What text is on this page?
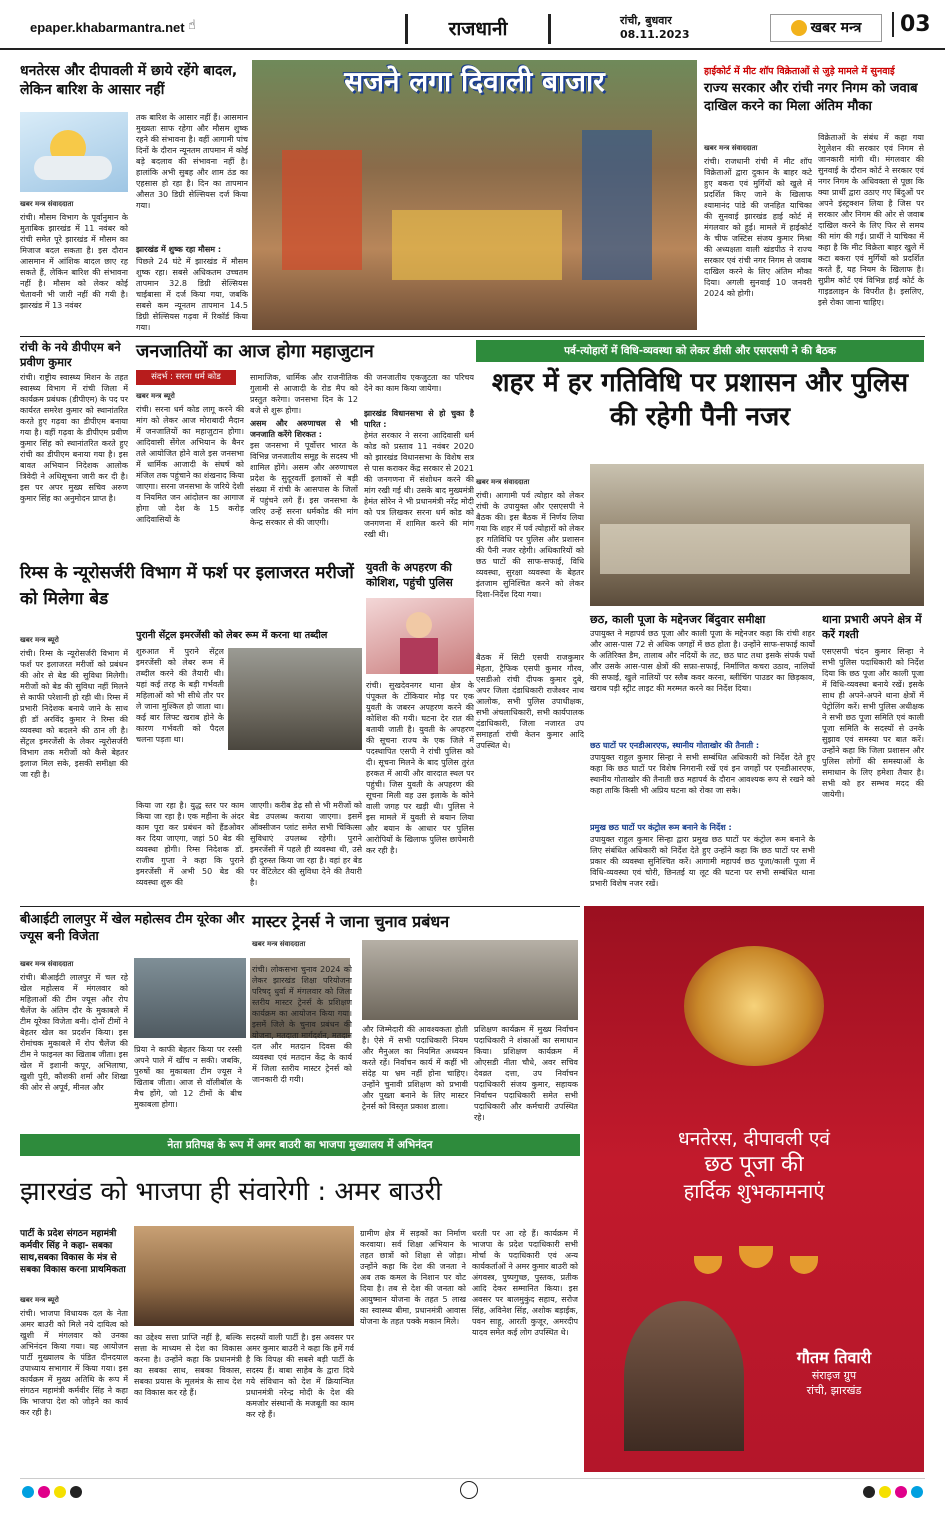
epaper.khabarmantra.net ☝	राजधानी	रांची, बुधवार
08.11.2023	खबर मन्त्र	03
धनतेरस और दीपावली में छाये रहेंगे बादल, लेकिन बारिश के आसार नहीं
खबर मन्त्र संवाददाता
रांची। मौसम विभाग के पूर्वानुमान के मुताबिक झारखंड में 11 नवंबर को रांची समेत पूरे झारखंड में मौसम का मिजाज बदल सकता है। इस दौरान आसमान में आंशिक बादल छाए रह सकते हैं, लेकिन बारिश की संभावना नहीं है। मौसम को लेकर कोई चेतावनी भी जारी नहीं की गयी है। झारखंड में 13 नवंबर
तक बारिश के आसार नहीं हैं। आसमान मुख्यतः साफ रहेगा और मौसम शुष्क रहने की संभावना है। वहीं आगामी पांच दिनों के दौरान न्यूनतम तापमान में कोई बड़े बदलाव की संभावना नहीं है। हालांकि अभी सुबह और शाम ठंड का एहसास हो रहा है। दिन का तापमान औसत 30 डिग्री सेल्सियस दर्ज किया गया।
झारखंड में शुष्क रहा मौसम :
पिछले 24 घंटे में झारखंड में मौसम शुष्क रहा। सबसे अधिकतम उच्चतम तापमान 32.8 डिग्री सेल्सियस चाईबासा में दर्ज किया गया, जबकि सबसे कम न्यूनतम तापमान 14.5 डिग्री सेल्सियस गढ़वा में रिकॉर्ड किया गया।
सजने लगा दिवाली बाजार	हाईकोर्ट में मीट शॉप विक्रेताओं से जुड़े मामले में सुनवाई
राज्य सरकार और रांची नगर निगम को जवाब दाखिल करने का मिला अंतिम मौका
खबर मन्त्र संवाददाता
रांची। राजधानी रांची में मीट शॉप विक्रेताओं द्वारा दुकान के बाहर कटे हुए बकरा एवं मुर्गियों को खुले में प्रदर्शित किए जाने के खिलाफ श्यामानंद पांडे की जनहित याचिका की सुनवाई झारखंड हाई कोर्ट में मंगलवार को हुई। मामले में हाईकोर्ट के चीफ जस्टिस संजय कुमार मिश्रा की अध्यक्षता वाली खंडपीठ ने राज्य सरकार एवं रांची नगर निगम से जवाब दाखिल करने के लिए अंतिम मौका दिया। अगली सुनवाई 10 जनवरी 2024 को होगी।
विक्रेताओं के संबंध में कहा गया रेगुलेशन की सरकार एवं निगम से जानकारी मांगी थी। मंगलवार की सुनवाई के दौरान कोर्ट ने सरकार एवं नगर निगम के अधिवक्ता से पूछा कि क्या प्रार्थी द्वारा उठाए गए बिंदुओं पर अपने इंस्ट्रक्शन लिया है जिस पर सरकार और निगम की ओर से जवाब दाखिल करने के लिए फिर से समय की मांग की गई। प्रार्थी ने याचिका में कहा है कि मीट विक्रेता बाहर खुले में कटा बकरा एवं मुर्गियों को प्रदर्शित करते हैं, यह नियम के खिलाफ है। सुप्रीम कोर्ट एवं विभिन्न हाई कोर्ट के गाइडलाइन के विपरीत है। इसलिए, इसे रोका जाना चाहिए।
रांची के नये डीपीएम बने प्रवीण कुमार
रांची। राष्ट्रीय स्वास्थ्य मिशन के तहत स्वास्थ्य विभाग में रांची जिला में कार्यक्रम प्रबंधक (डीपीएम) के पद पर कार्यरत समरेश कुमार को स्थानांतरित करते हुए गढ़वा का डीपीएम बनाया गया है। वहीं गढ़वा के डीपीएम प्रवीण कुमार सिंह को स्थानांतरित करते हुए रांची का डीपीएम बनाया गया है। इस बावत अभियान निदेशक आलोक त्रिवेदी ने अधिसूचना जारी कर दी है। इस पर अपर मुख्य सचिव अरुण कुमार सिंह का अनुमोदन प्राप्त है।
जनजातियों का आज होगा महाजुटान
संदर्भ : सरना धर्म कोड
खबर मन्त्र ब्यूरो
रांची। सरना धर्म कोड लागू करने की मांग को लेकर आज मोराबादी मैदान में जनजातियों का महाजुटान होगा। आदिवासी सेंगेल अभियान के बैनर तले आयोजित होने वाले इस जनसभा में धार्मिक आजादी के संघर्ष को मंजिल तक पहुंचाने का शंखनाद किया जाएगा। सरना जनसभा के जरिये देशी व नियमित जन आंदोलन का आगाज होगा जो देश के 15 करोड़ आदिवासियों के
सामाजिक, धार्मिक और राजनीतिक गुलामी से आजादी के रोड मैप को प्रस्तुत करेगा। जनसभा दिन के 12 बजे से शुरू होगा।
असम और अरुणाचल से भी जनजाति करेंगे शिरकत :
इस जनसभा में पूर्वोत्तर भारत के विभिन्न जनजातीय समूह के सदस्य भी शामिल होंगे। असम और अरुणाचल प्रदेश के सुदूरवर्ती इलाकों से बड़ी संख्या में रांची के आसपास के जिलों में पहुंचने लगे हैं। इस जनसभा के जरिए उन्हें सरना धर्मकोड की मांग केन्द्र सरकार से की जाएगी।
की जनजातीय एकजुटता का परिचय देने का काम किया जायेगा।
झारखंड विधानसभा से हो चुका है पारित :
हेमंत सरकार ने सरना आदिवासी धर्म कोड को प्रस्ताव 11 नवंबर 2020 को झारखंड विधानसभा के विशेष सत्र से पास कराकर केंद्र सरकार से 2021 की जनगणना में संशोधन करने की मांग रखी गई थी। उसके बाद मुख्यमंत्री हेमंत सोरेन ने भी प्रधानमंत्री नरेंद्र मोदी को पत्र लिखकर सरना धर्म कोड को जनगणना में शामिल करने की मांग रखी थी।
पर्व-त्योहारों में विधि-व्यवस्था को लेकर डीसी और एसएसपी ने की बैठक
शहर में हर गतिविधि पर प्रशासन और पुलिस की रहेगी पैनी नजर
खबर मन्त्र संवाददाता
रांची। आगामी पर्व त्योहार को लेकर रांची के उपायुक्त और एसएसपी ने बैठक की। इस बैठक में निर्णय लिया गया कि शहर में पर्व त्योहारों को लेकर हर गतिविधि पर पुलिस और प्रशासन की पैनी नजर रहेगी। अधिकारियों को छठ घाटों की साफ-सफाई, विधि व्यवस्था, सुरक्षा व्यवस्था के बेहतर इंतजाम सुनिश्चित करने को लेकर दिशा-निर्देश दिया गया।
बैठक में सिटी एसपी राजकुमार मेहता, ट्रैफिक एसपी कुमार गौरव, एसडीओ रांची दीपक कुमार दुबे, अपर जिला दंडाधिकारी राजेश्वर नाथ आलोक, सभी पुलिस उपाधीक्षक, सभी अंचलाधिकारी, सभी कार्यपालक दंडाधिकारी, जिला नजारत उप समाहर्ता रांची केतन कुमार आदि उपस्थित थे।
छठ, काली पूजा के मद्देनजर बिंदुवार समीक्षा
उपायुक्त ने महापर्व छठ पूजा और काली पूजा के मद्देनजर कहा कि रांची शहर और आस-पास 72 से अधिक जगहों में छठ होता है। उन्होंने साफ-सफाई कार्यों के अतिरिक्त डैम, तालाब और नदियों के तट, छठ घाट तथा इसके संपर्क पथों और उसके आस-पास क्षेत्रों की सफ़ा-सफाई, निर्माणित कचरा उठाव, नालियों की सफाई, खुले नालियों पर स्लैब कवर करना, ब्लीचिंग पाउडर का छिड़काव, खराब पड़ी स्ट्रीट लाइट की मरम्मत करने का निर्देश दिया।
छठ घाटों पर एनडीआरएफ, स्थानीय गोताखोर की तैनाती :
उपायुक्त राहुल कुमार सिन्हा ने सभी सम्बंधित अधिकारी को निर्देश देते हुए कहा कि छठ घाटों पर विशेष निगरानी रखें एवं इन जगहों पर एनडीआरएफ, स्थानीय गोताखोर की तैनाती छठ महापर्व के दौरान आवश्यक रूप से रखने को कहा ताकि किसी भी अप्रिय घटना को रोका जा सके।
प्रमुख छठ घाटों पर कंट्रोल रूम बनाने के निर्देश :
उपायुक्त राहुल कुमार सिन्हा द्वारा प्रमुख छठ घाटों पर कंट्रोल रूम बनाने के लिए संबंधित अधिकारी को निर्देश देते हुए उन्होंने कहा कि छठ घाटों पर सभी प्रकार की व्यवस्था सुनिश्चित करें। आगामी महापर्व छठ पूजा/काली पूजा में विधि-व्यवस्था एवं चोरी, छिनतई या लूट की घटना पर सभी सम्बंधित थाना प्रभारी विशेष नजर रखें।
थाना प्रभारी अपने क्षेत्र में करें गश्ती
एसएसपी चंदन कुमार सिन्हा ने सभी पुलिस पदाधिकारी को निर्देश दिया कि छठ पूजा और काली पूजा में विधि-व्यवस्था बनाये रखें। इसके साथ ही अपने-अपने थाना क्षेत्रों में पेट्रोलिंग करें। सभी पुलिस अधीक्षक ने सभी छठ पूजा समिति एवं काली पूजा समिति के सदस्यों से उनके सुझाव एवं समस्या पर बात करें। उन्होंने कहा कि जिला प्रशासन और पुलिस लोगों की समस्याओं के समाधान के लिए हमेशा तैयार है। सभी को हर सम्भव मदद की जायेगी।
रिम्स के न्यूरोसर्जरी विभाग में फर्श पर इलाजरत मरीजों को मिलेगा बेड
खबर मन्त्र ब्यूरो
रांची। रिम्स के न्यूरोसर्जरी विभाग में फर्श पर इलाजरत मरीजों को प्रबंधन की ओर से बेड की सुविधा मिलेगी। मरीजों को बेड की सुविधा नहीं मिलने से काफी परेशानी हो रही थी। रिम्स में प्रभारी निदेशक बनाये जाने के साथ ही डॉ अरविंद कुमार ने रिम्स की व्यवस्था को बदलने की ठान ली है। सेंट्रल इमरजेंसी के लेकर न्यूरोसर्जरी विभाग तक मरीजों को कैसे बेहतर इलाज मिल सके, इसकी समीक्षा की जा रही है।
पुरानी सेंट्रल इमरजेंसी को लेबर रूम में करना था तब्दील
शुरुआत में पुराने सेंट्रल इमरजेंसी को लेबर रूम में तब्दील करने की तैयारी थी। यहां कई तरह के बड़ी गर्भवती महिलाओं को भी सीधे तौर पर ले जाना मुश्किल हो जाता था। कई बार लिफ्ट खराब होने के कारण गर्भवती को पैदल चलना पड़ता था।
किया जा रहा है। युद्ध स्तर पर काम किया जा रहा है। एक महीना के अंदर काम पूरा कर प्रबंधन को हैंडओवर कर दिया जाएगा, जहां 50 बेड की व्यवस्था होगी। रिम्स निदेशक डॉ. राजीव गुप्ता ने कहा कि पुराने इमरजेंसी में अभी 50 बेड की व्यवस्था शुरू की
जाएगी। करीब डेढ़ सौ से भी मरीजों को बेड उपलब्ध कराया जाएगा। इसमें ऑक्सीजन प्लांट समेत सभी चिकित्सा सुविधाएं उपलब्ध रहेगी। पुराने इमरजेंसी में पहले ही व्यवस्था थी, उसे ही दुरुस्त किया जा रहा है। वहां हर बेड पर वेंटिलेटर की सुविधा देने की तैयारी है।
युवती के अपहरण की कोशिश, पहुंची पुलिस
रांची। सुखदेवनगर थाना क्षेत्र के पंपूकल के टोंकियार मोड़ पर एक युवती के जबरन अपहरण करने की कोशिश की गयी। घटना देर रात की बतायी जाती है। युवती के अपहरण की सूचना राज्य के एक जिले में पदस्थापित एसपी ने रांची पुलिस को दी। सूचना मिलने के बाद पुलिस तुरंत हरकत में आयी और वारदात स्थल पर पहुंची। जिस युवती के अपहरण की सूचना मिली वह उस इलाके के कोने वाली जगह पर खड़ी थी। पुलिस ने इस मामले में युवती से बयान लिया और बयान के आधार पर पुलिस आरोपियों के खिलाफ पुलिस छापेमारी कर रही है।
बीआईटी लालपुर में खेल महोत्सव टीम यूरेका और ज्यूस बनी विजेता
खबर मन्त्र संवाददाता
रांची। बीआईटी लालपुर में चल रहे खेल महोत्सव में मंगलवार को महिलाओं की टीम ज्यूस और रोप चैलेंज के अंतिम दौर के मुकाबले में टीम यूरेका विजेता बनी। दोनों टीमों ने बेहतर खेल का प्रदर्शन किया। इस रोमांचक मुकाबले में रोप चैलेंज की टीम ने फाइनल का खिताब जीता। इस खेल में इशानी कपूर, अभिलाषा, खुशी पुरी, कौशकी शर्मा और शिखा की ओर से अपूर्व, मीनल और
प्रिया ने काफी बेहतर किया पर रस्सी अपने पाले में खींच न सकी। जबकि, पुरुषों का मुकाबला टीम ज्यूस ने खिताब जीता। आज से वॉलीबॉल के मैच होंगे, जो 12 टीमों के बीच मुकाबला होगा।
मास्टर ट्रेनर्स ने जाना चुनाव प्रबंधन
खबर मन्त्र संवाददाता
रांची। लोकसभा चुनाव 2024 को लेकर झारखंड शिक्षा परियोजना परिषद् धुर्वा में मंगलवार को जिला स्तरीय मास्टर ट्रेनर्स के प्रशिक्षण कार्यक्रम का आयोजन किया गया। इसमें जिले के चुनाव प्रबंधन की योजना, मतदाता मार्गदर्शन, मतदान दल और मतदान दिवस की व्यवस्था एवं मतदान केंद्र के कार्य में जिला स्तरीय मास्टर ट्रेनर्स को जानकारी दी गयी।
और जिम्मेदारी की आवश्यकता होती है। ऐसे में सभी पदाधिकारी नियम और मैनुअल का नियमित अध्ययन करते रहें। निर्वाचन कार्य में कहीं भी संदेह या भ्रम नहीं होना चाहिए। उन्होंने चुनावी प्रशिक्षण को प्रभावी और पुख्ता बनाने के लिए मास्टर ट्रेनर्स को विस्तृत प्रकाश डाला।
प्रशिक्षण कार्यक्रम में मुख्य निर्वाचन पदाधिकारी ने शंकाओं का समाधान किया। प्रशिक्षण कार्यक्रम में ओएसडी नीता चौधे, अवर सचिव देवव्रत दत्ता, उप निर्वाचन पदाधिकारी संजय कुमार, सहायक निर्वाचन पदाधिकारी समेत सभी पदाधिकारी और कर्मचारी उपस्थित रहे।
धनतेरस, दीपावली एवं
छठ पूजा की
हार्दिक शुभकामनाएं
गौतम तिवारी
संराइज ग्रुप
रांची, झारखंड
नेता प्रतिपक्ष के रूप में अमर बाउरी का भाजपा मुख्यालय में अभिनंदन
झारखंड को भाजपा ही संवारेगी : अमर बाउरी
पार्टी के प्रदेश संगठन महामंत्री कर्मवीर सिंह ने कहा- सबका साथ,सबका विकास के मंत्र से सबका विकास करना प्राथमिकता
खबर मन्त्र ब्यूरो
रांची। भाजपा विधायक दल के नेता अमर बाउरी को मिले नये दायित्व को खुशी में मंगलवार को उनका अभिनंदन किया गया। यह आयोजन पार्टी मुख्यालय के पंडित दीनदयाल उपाध्याय सभागार में किया गया। इस कार्यक्रम में मुख्य अतिथि के रूप में संगठन महामंत्री कर्मवीर सिंह ने कहा कि भाजपा देश को जोड़ने का कार्य कर रही है।
का उद्देश्य सत्ता प्राप्ति नहीं है, बल्कि सत्ता के माध्यम से देश का विकास करना है। उन्होंने कहा कि प्रधानमंत्री का सबका साथ, सबका विकास, सबका प्रयास के मूलमंत्र के साथ देश का विकास कर रहे हैं।
सदस्यों वाली पार्टी है। इस अवसर पर अमर कुमार बाउरी ने कहा कि हमें गर्व है कि विपक्ष की सबसे बड़ी पार्टी के सदस्य हैं। बाबा साहेब के द्वारा दिये गये संविधान को देश में क्रियान्वित प्रधानमंत्री नरेन्द्र मोदी के देश की कमजोर संस्थानों के मजबूती का काम कर रहे हैं।
ग्रामीण क्षेत्र में सड़कों का निर्माण करवाया। सर्व शिक्षा अभियान के तहत छात्रों को शिक्षा से जोड़ा। उन्होंने कहा कि देश की जनता ने अब तक कमल के निशान पर वोट दिया है। तब से देश की जनता को आयुष्मान योजना के तहत 5 लाख का स्वास्थ्य बीमा, प्रधानमंत्री आवास योजना के तहत पक्के मकान मिले।
धरती पर आ रहे हैं। कार्यक्रम में भाजपा के प्रदेश पदाधिकारी सभी मोर्चा के पदाधिकारी एवं अन्य कार्यकर्ताओं ने अमर कुमार बाउरी को अंगवस्त्र, पुष्पगुच्छ, पुस्तक, प्रतीक आदि देकर सम्मानित किया। इस अवसर पर बालमुकुंद सहाय, सरोज सिंह, अविनेश सिंह, अशोक बड़ाईक, पवन साहू, आरती कुजूर, अमरदीप यादव समेत कई लोग उपस्थित थे।
